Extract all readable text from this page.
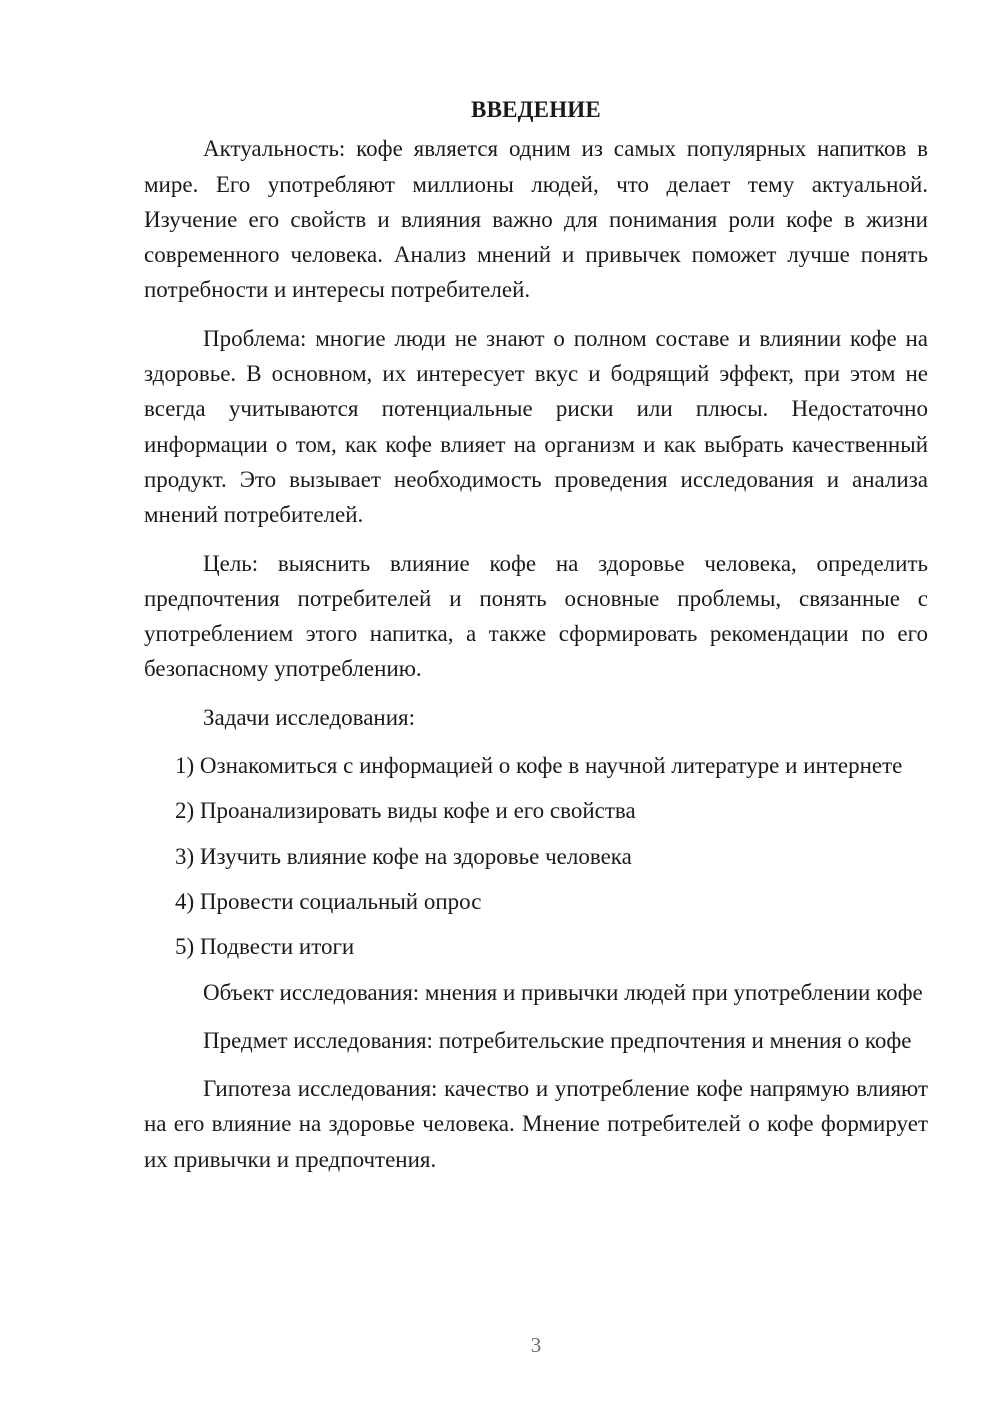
ВВЕДЕНИЕ

Актуальность: кофе является одним из самых популярных напитков в мире. Его употребляют миллионы людей, что делает тему актуальной. Изучение его свойств и влияния важно для понимания роли кофе в жизни современного человека. Анализ мнений и привычек поможет лучше понять потребности и интересы потребителей.

Проблема: многие люди не знают о полном составе и влиянии кофе на здоровье. В основном, их интересует вкус и бодрящий эффект, при этом не всегда учитываются потенциальные риски или плюсы. Недостаточно информации о том, как кофе влияет на организм и как выбрать качественный продукт. Это вызывает необходимость проведения исследования и анализа мнений потребителей.

Цель: выяснить влияние кофе на здоровье человека, определить предпочтения потребителей и понять основные проблемы, связанные с употреблением этого напитка, а также сформировать рекомендации по его безопасному употреблению.

Задачи исследования:

1) Ознакомиться с информацией о кофе в научной литературе и интернете

2) Проанализировать виды кофе и его свойства

3) Изучить влияние кофе на здоровье человека

4) Провести социальный опрос

5) Подвести итоги

Объект исследования: мнения и привычки людей при употреблении кофе

Предмет исследования: потребительские предпочтения и мнения о кофе

Гипотеза исследования: качество и употребление кофе напрямую влияют на его влияние на здоровье человека. Мнение потребителей о кофе формирует их привычки и предпочтения.

3
